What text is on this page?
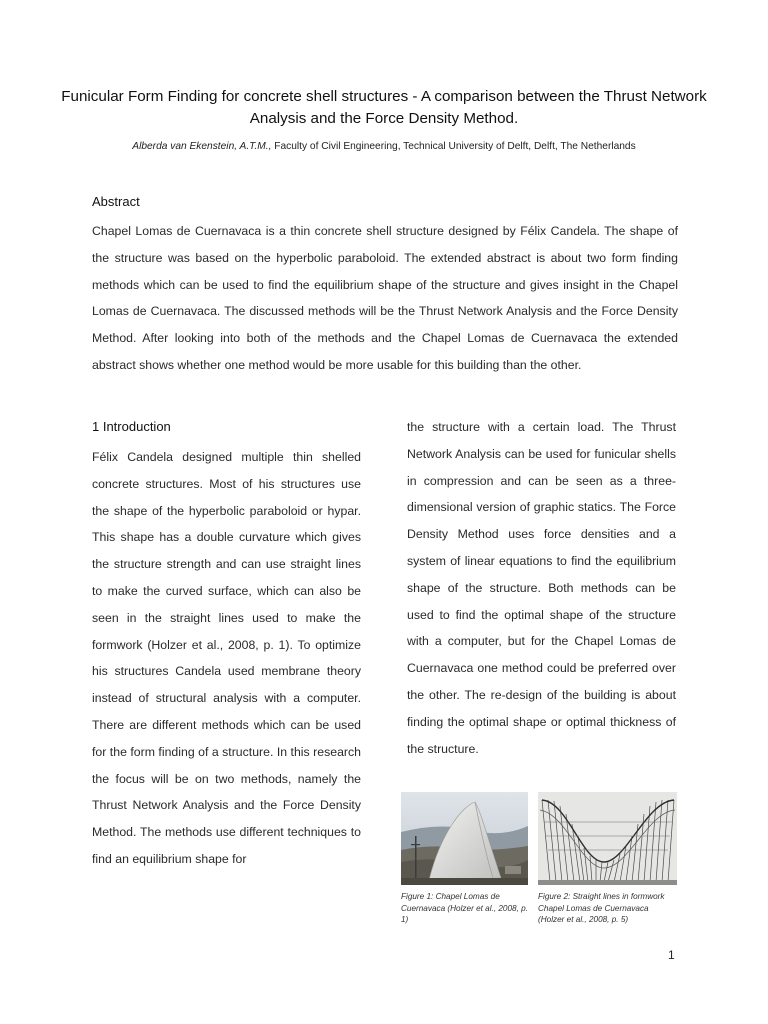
Funicular Form Finding for concrete shell structures - A comparison between the Thrust Network Analysis and the Force Density Method.
Alberda van Ekenstein, A.T.M., Faculty of Civil Engineering, Technical University of Delft, Delft, The Netherlands
Abstract
Chapel Lomas de Cuernavaca is a thin concrete shell structure designed by Félix Candela. The shape of the structure was based on the hyperbolic paraboloid. The extended abstract is about two form finding methods which can be used to find the equilibrium shape of the structure and gives insight in the Chapel Lomas de Cuernavaca. The discussed methods will be the Thrust Network Analysis and the Force Density Method. After looking into both of the methods and the Chapel Lomas de Cuernavaca the extended abstract shows whether one method would be more usable for this building than the other.
1 Introduction

Félix Candela designed multiple thin shelled concrete structures. Most of his structures use the shape of the hyperbolic paraboloid or hypar. This shape has a double curvature which gives the structure strength and can use straight lines to make the curved surface, which can also be seen in the straight lines used to make the formwork (Holzer et al., 2008, p. 1). To optimize his structures Candela used membrane theory instead of structural analysis with a computer. There are different methods which can be used for the form finding of a structure. In this research the focus will be on two methods, namely the Thrust Network Analysis and the Force Density Method. The methods use different techniques to find an equilibrium shape for

the structure with a certain load. The Thrust Network Analysis can be used for funicular shells in compression and can be seen as a three-dimensional version of graphic statics. The Force Density Method uses force densities and a system of linear equations to find the equilibrium shape of the structure. Both methods can be used to find the optimal shape of the structure with a computer, but for the Chapel Lomas de Cuernavaca one method could be preferred over the other. The re-design of the building is about finding the optimal shape or optimal thickness of the structure.

Figure 1: Chapel Lomas de Cuernavaca (Holzer et al., 2008, p. 1)
Figure 2: Straight lines in formwork Chapel Lomas de Cuernavaca (Holzer et al., 2008, p. 5)
1
